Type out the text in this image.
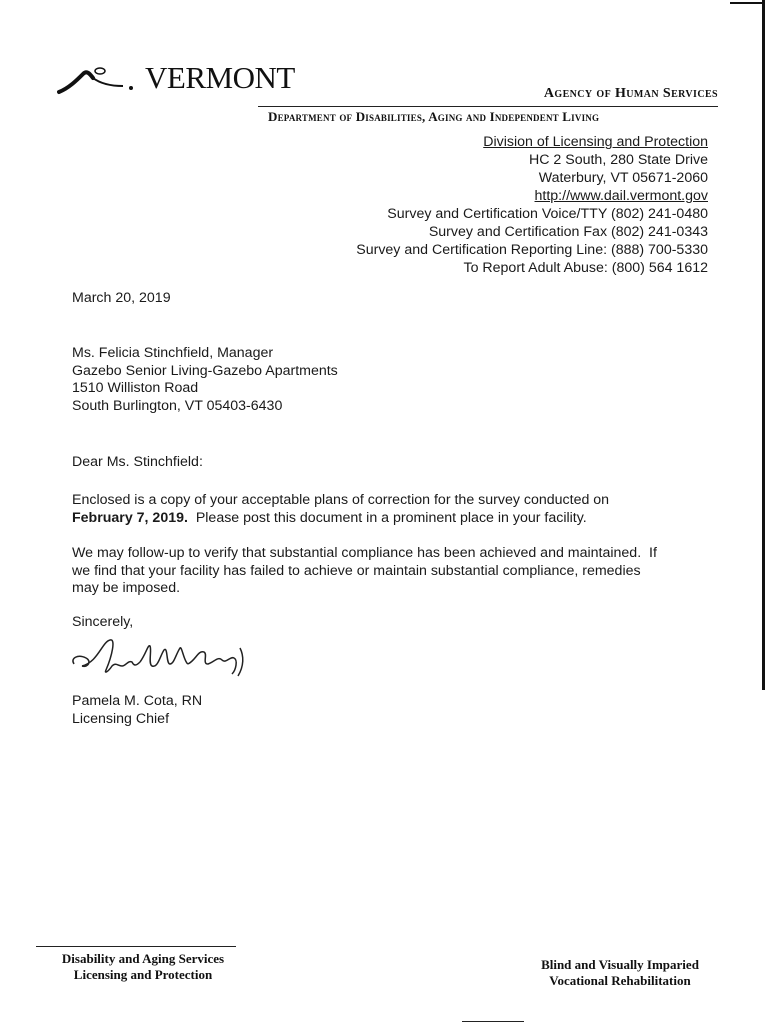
VERMONT	Agency of Human Services
Department of Disabilities, Aging and Independent Living
Division of Licensing and Protection
HC 2 South, 280 State Drive
Waterbury, VT 05671-2060
http://www.dail.vermont.gov
Survey and Certification Voice/TTY (802) 241-0480
Survey and Certification Fax (802) 241-0343
Survey and Certification Reporting Line: (888) 700-5330
To Report Adult Abuse: (800) 564 1612
March 20, 2019
Ms. Felicia Stinchfield, Manager
Gazebo Senior Living-Gazebo Apartments
1510 Williston Road
South Burlington, VT 05403-6430
Dear Ms. Stinchfield:
Enclosed is a copy of your acceptable plans of correction for the survey conducted on
February 7, 2019.  Please post this document in a prominent place in your facility.
We may follow-up to verify that substantial compliance has been achieved and maintained.  If
we find that your facility has failed to achieve or maintain substantial compliance, remedies
may be imposed.
Sincerely,
Pamela M. Cota, RN
Licensing Chief
Disability and Aging Services
Licensing and Protection
Blind and Visually Imparied
Vocational Rehabilitation
